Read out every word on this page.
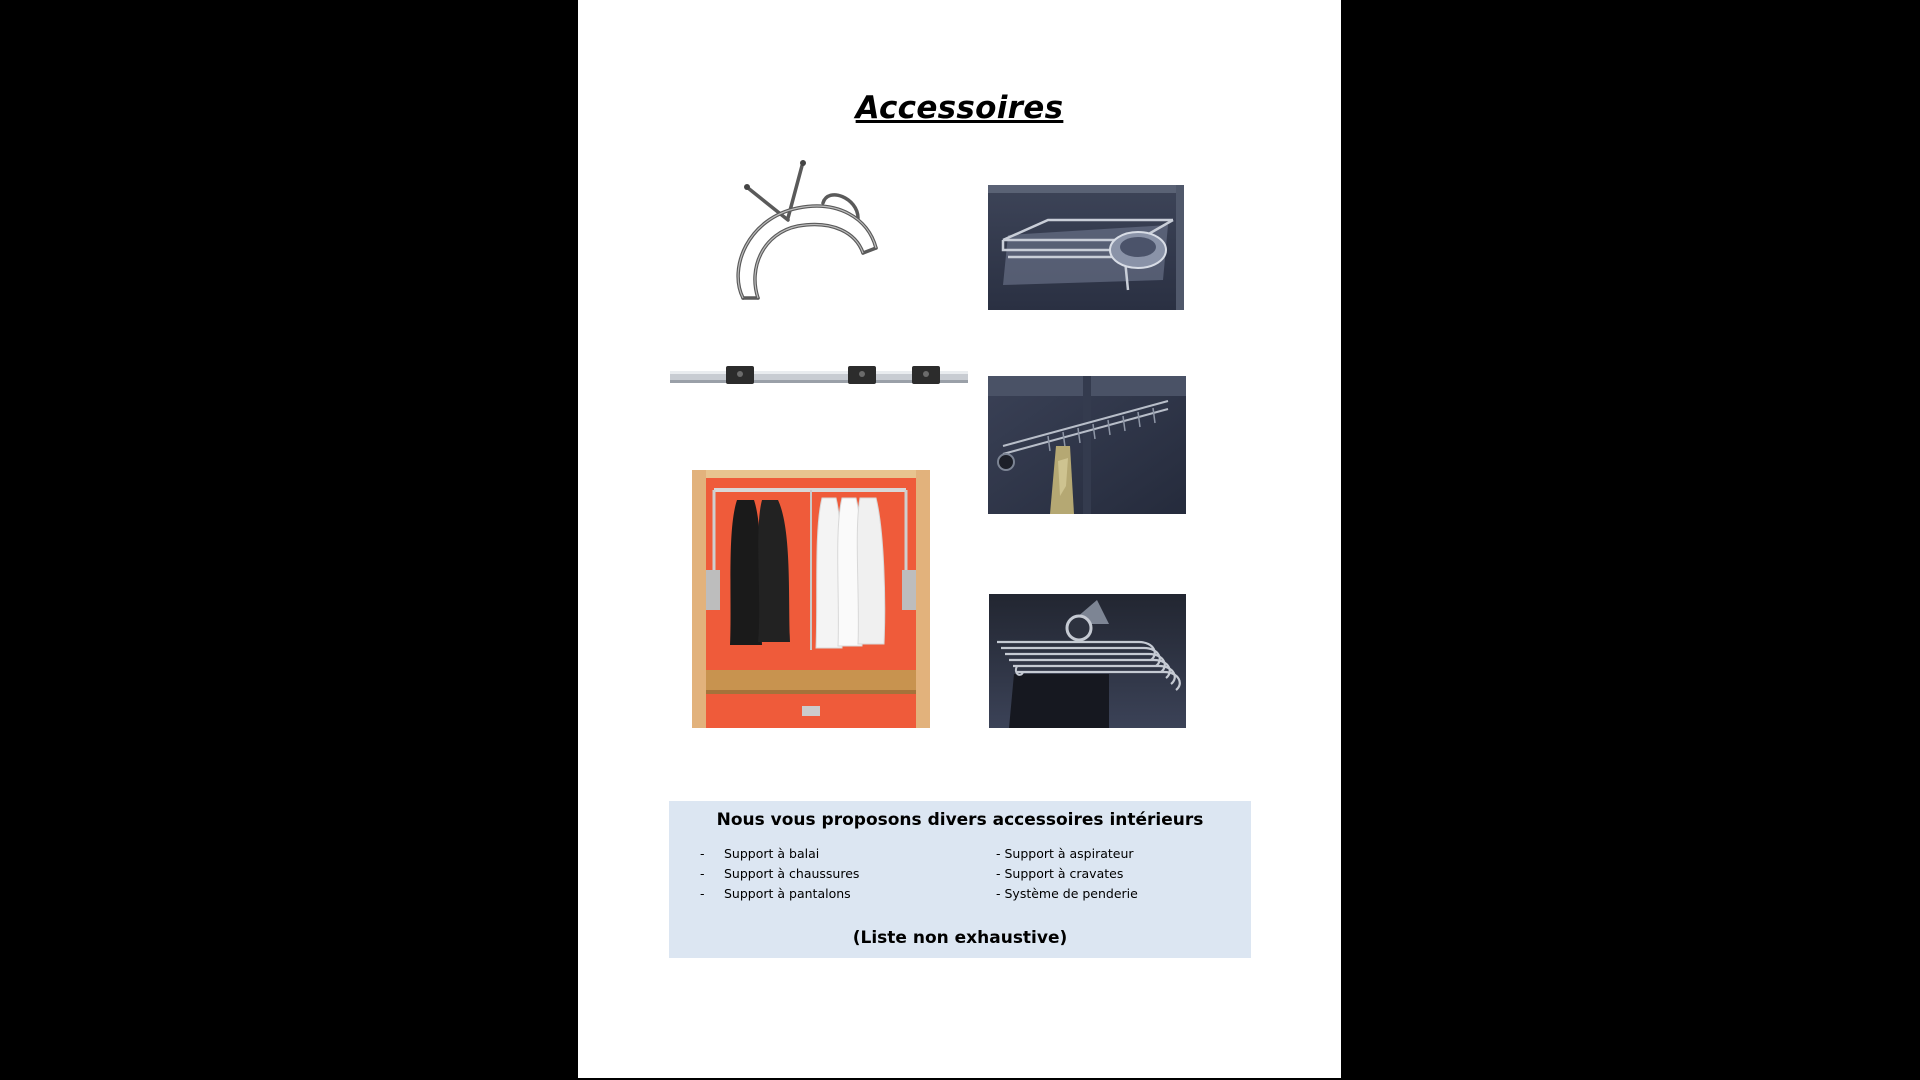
Accessoires
Nous vous proposons divers accessoires intérieurs
-	Support à balai
-	Support à chaussures
-	Support à pantalons
- Support à aspirateur
- Support à cravates
- Système de penderie
(Liste non exhaustive)
